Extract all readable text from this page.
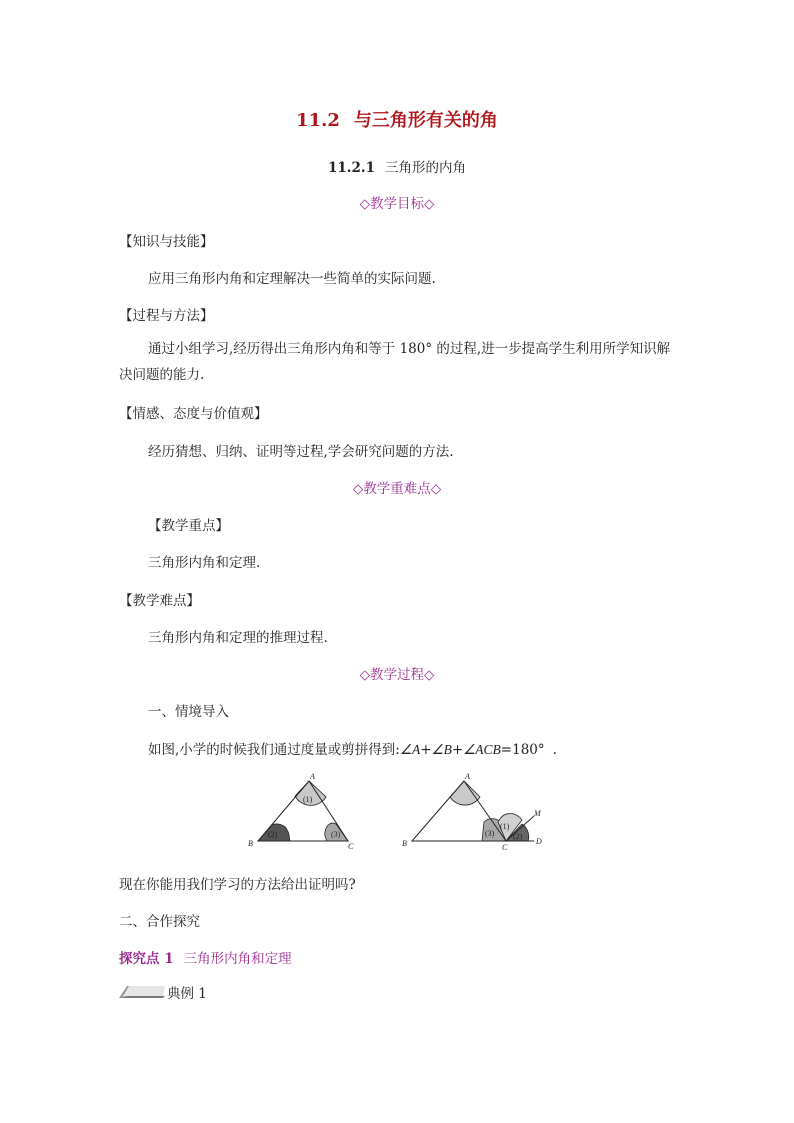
11.2 与三角形有关的角
11.2.1 三角形的内角
◇教学目标◇
【知识与技能】
应用三角形内角和定理解决一些简单的实际问题.
【过程与方法】
通过小组学习,经历得出三角形内角和等于 180° 的过程,进一步提高学生利用所学知识解决问题的能力.
【情感、态度与价值观】
经历猜想、归纳、证明等过程,学会研究问题的方法.
◇教学重难点◇
【教学重点】
三角形内角和定理.
【教学难点】
三角形内角和定理的推理过程.
◇教学过程◇
一、情境导入
如图,小学的时候我们通过度量或剪拼得到:∠A+∠B+∠ACB=180° .
A
B	C
(1)
(2)	(3)
A
B	C
D
M
(1)
(3) (2)
现在你能用我们学习的方法给出证明吗?
二、合作探究
探究点 1 三角形内角和定理
典例 1
